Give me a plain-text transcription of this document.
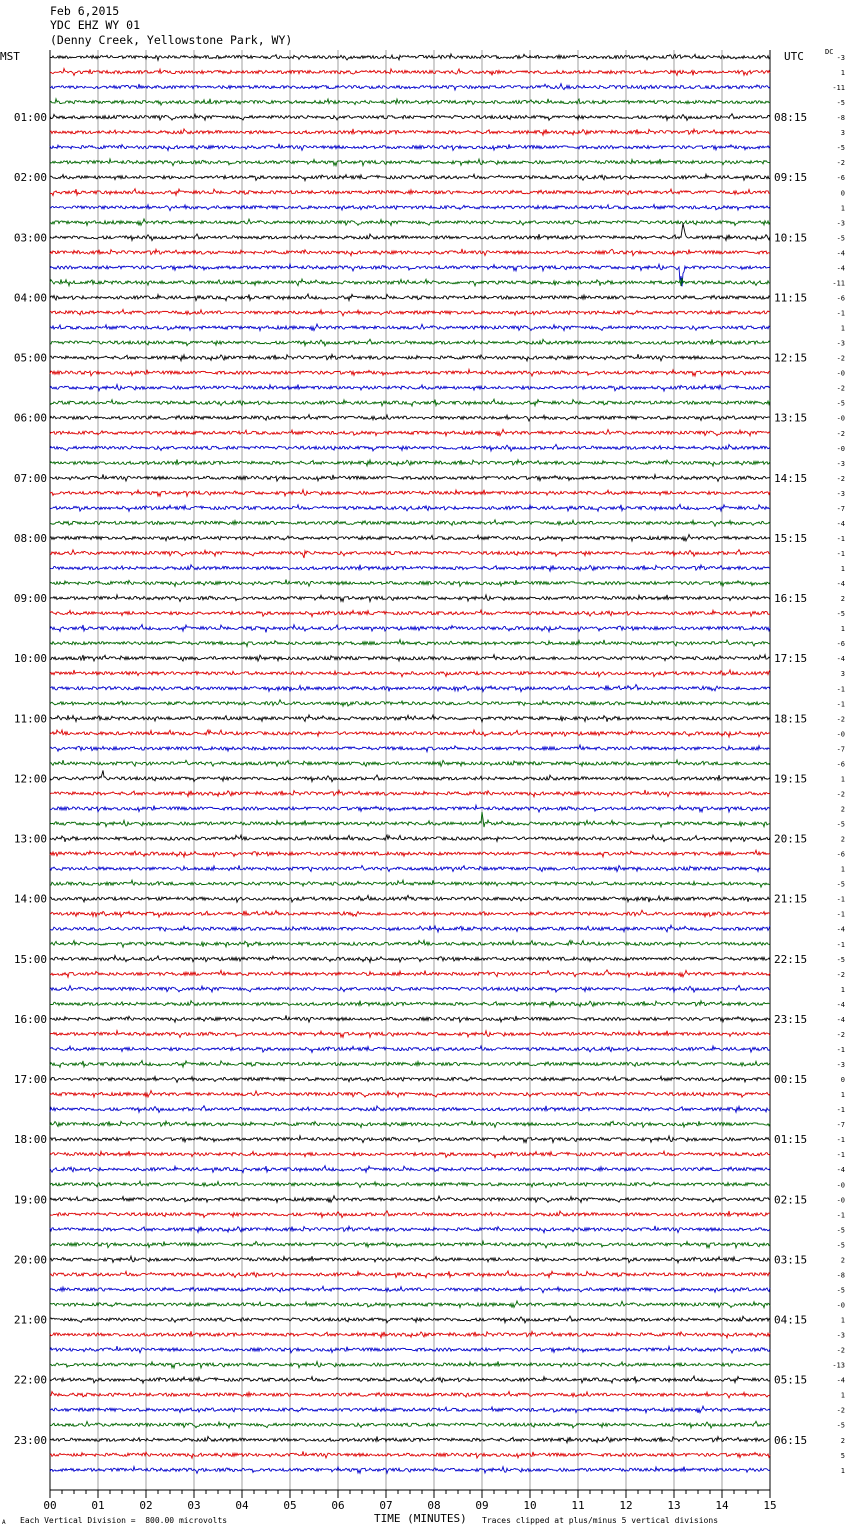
Feb 6,2015
YDC EHZ WY 01
(Denny Creek, Yellowstone Park, WY)
MST	UTC	DC
00	01	02	03	04	05	06	07	08	09	10	11	12	13	14	15
01:00
02:00
03:00
04:00
05:00
06:00
07:00
08:00
09:00
10:00
11:00
12:00
13:00
14:00
15:00
16:00
17:00
18:00
19:00
20:00
21:00
22:00
23:00
08:15
09:15
10:15
11:15
12:15
13:15
14:15
15:15
16:15
17:15
18:15
19:15
20:15
21:15
22:15
23:15
00:15
01:15
02:15
03:15
04:15
05:15
06:15
-3
1
-11
-5
-8
3
-5
-2
-6
0
1
-3
-5
-4
-4
-11
-6
-1
1
-3
-2
-0
-2
-5
-0
-2
-0
-3
-2
-3
-7
-4
-1
-1
1
-4
2
-5
1
-6
-4
3
-1
-1
-2
-0
-7
-6
1
-2
2
-5
2
-6
1
-5
-1
-1
-4
-1
-5
-2
1
-4
-4
-2
-1
-3
0
1
-1
-7
-1
-1
-4
-0
-0
-1
-5
-5
2
-8
-5
-0
1
-3
-2
-13
-4
1
-2
-5
2
5
1
A Each Vertical Division =  800.00 microvolts	TIME (MINUTES) Traces clipped at plus/minus 5 vertical divisions
